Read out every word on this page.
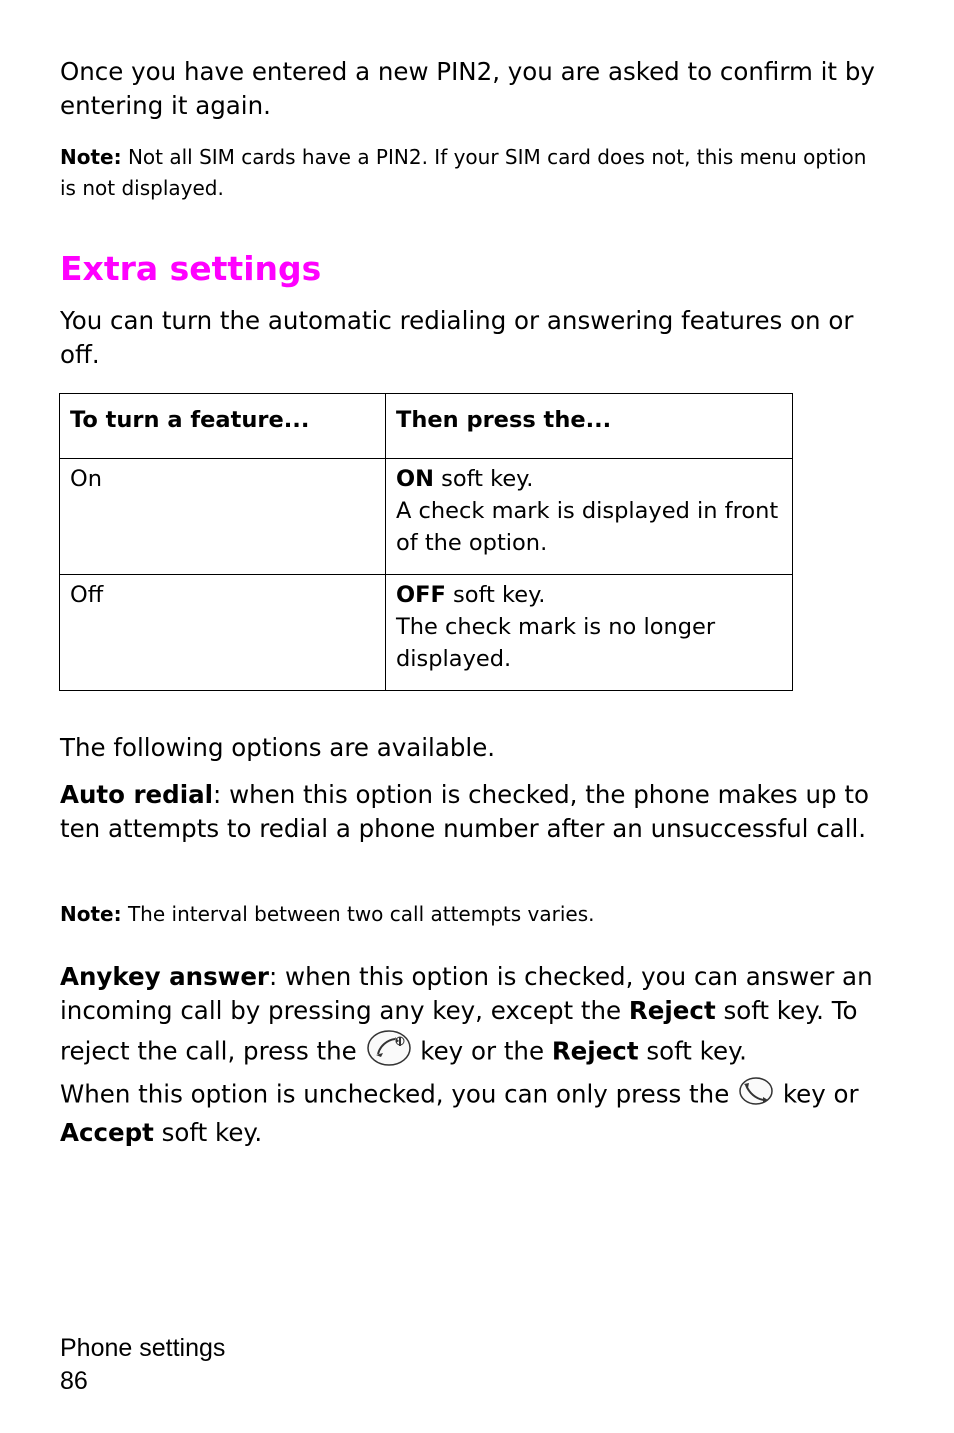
Once you have entered a new PIN2, you are asked to confirm it by entering it again.

Note: Not all SIM cards have a PIN2. If your SIM card does not, this menu option is not displayed.

Extra settings

You can turn the automatic redialing or answering features on or off.

To turn a feature...	Then press the...
On	ON soft key.
A check mark is displayed in front of the option.
Off	OFF soft key.
The check mark is no longer displayed.

The following options are available.

Auto redial: when this option is checked, the phone makes up to ten attempts to redial a phone number after an unsuccessful call.

Note: The interval between two call attempts varies.

Anykey answer: when this option is checked, you can answer an incoming call by pressing any key, except the Reject soft key. To reject the call, press the  key or the Reject soft key.

When this option is unchecked, you can only press the  key or Accept soft key.

Phone settings
86
